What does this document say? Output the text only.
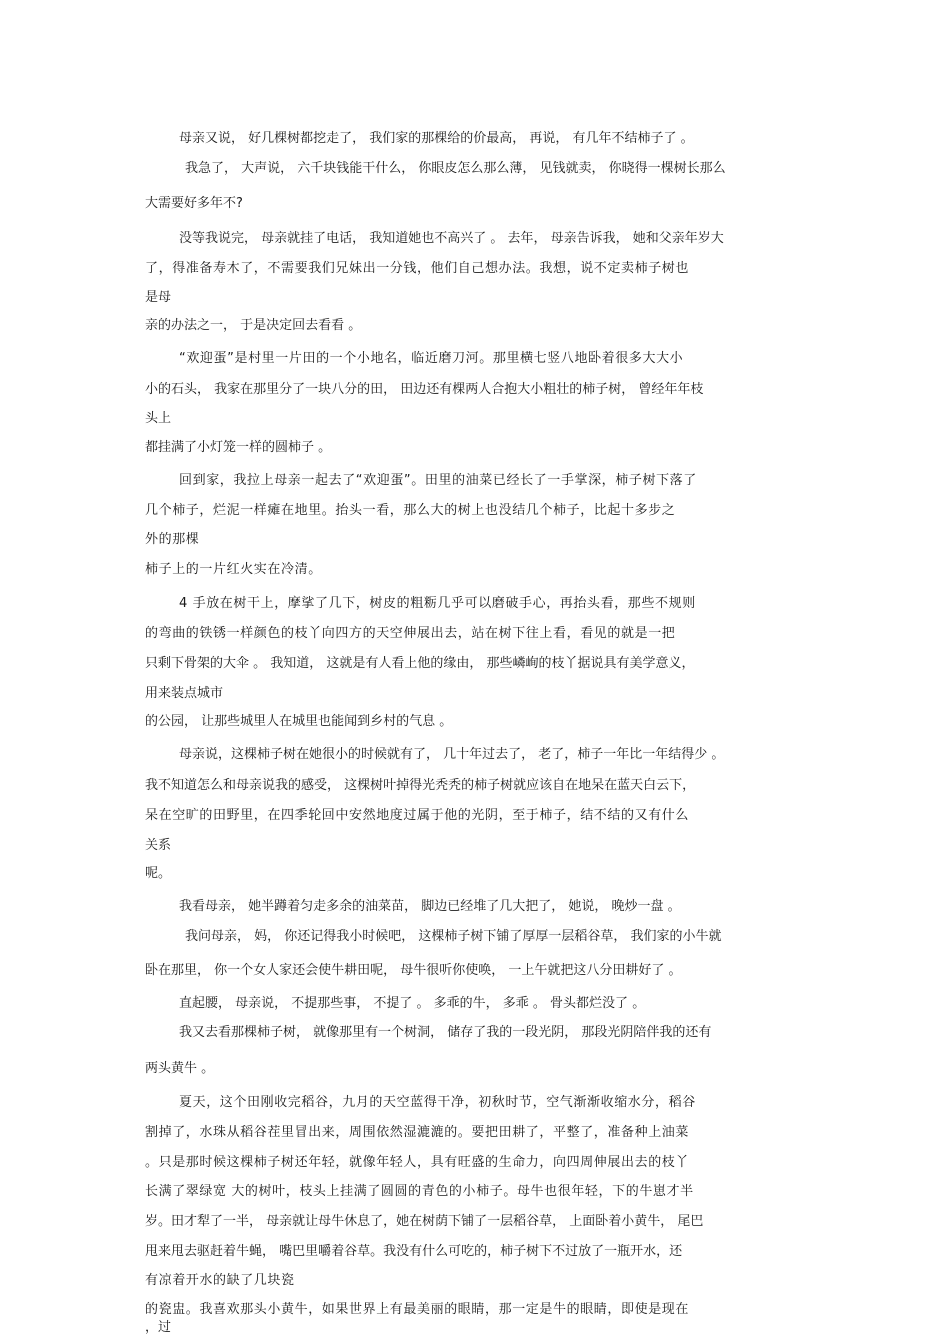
母亲又说， 好几棵树都挖走了， 我们家的那棵给的价最高， 再说， 有几年不结柿子了 。

我急了， 大声说， 六千块钱能干什么， 你眼皮怎么那么薄， 见钱就卖， 你晓得一棵树长那么

大需要好多年不?

没等我说完， 母亲就挂了电话， 我知道她也不高兴了 。 去年， 母亲告诉我， 她和父亲年岁大

了，得准备寿木了，不需要我们兄妹出一分钱，他们自己想办法。我想，说不定卖柿子树也

是母

亲的办法之一， 于是决定回去看看 。

“欢迎蛋”是村里一片田的一个小地名，临近磨刀河。那里横七竖八地卧着很多大大小

小的石头， 我家在那里分了一块八分的田， 田边还有棵两人合抱大小粗壮的柿子树， 曾经年年枝

头上

都挂满了小灯笼一样的圆柿子 。

回到家，我拉上母亲一起去了“欢迎蛋”。田里的油菜已经长了一手掌深，柿子树下落了

几个柿子，烂泥一样瘫在地里。抬头一看，那么大的树上也没结几个柿子，比起十多步之

外的那棵

柿子上的一片红火实在冷清。

4 手放在树干上，摩挲了几下，树皮的粗粝几乎可以磨破手心，再抬头看，那些不规则

的弯曲的铁锈一样颜色的枝丫向四方的天空伸展出去，站在树下往上看，看见的就是一把

只剩下骨架的大伞 。 我知道， 这就是有人看上他的缘由， 那些嶙峋的枝丫据说具有美学意义，

用来装点城市

的公园， 让那些城里人在城里也能闻到乡村的气息 。

母亲说，这棵柿子树在她很小的时候就有了， 几十年过去了， 老了，柿子一年比一年结得少 。

我不知道怎么和母亲说我的感受， 这棵树叶掉得光秃秃的柿子树就应该自在地呆在蓝天白云下，

呆在空旷的田野里，在四季轮回中安然地度过属于他的光阴，至于柿子，结不结的又有什么

关系

呢。

我看母亲， 她半蹲着匀走多余的油菜苗， 脚边已经堆了几大把了， 她说， 晚炒一盘 。

我问母亲， 妈， 你还记得我小时候吧， 这棵柿子树下铺了厚厚一层稻谷草， 我们家的小牛就

卧在那里， 你一个女人家还会使牛耕田呢， 母牛很听你使唤， 一上午就把这八分田耕好了 。

直起腰， 母亲说， 不提那些事， 不提了 。 多乖的牛， 多乖 。 骨头都烂没了 。

我又去看那棵柿子树， 就像那里有一个树洞， 储存了我的一段光阴， 那段光阴陪伴我的还有

两头黄牛 。

夏天，这个田刚收完稻谷，九月的天空蓝得干净，初秋时节，空气渐渐收缩水分，稻谷

割掉了，水珠从稻谷茬里冒出来，周围依然湿漉漉的。要把田耕了，平整了，准备种上油菜

。只是那时候这棵柿子树还年轻，就像年轻人，具有旺盛的生命力，向四周伸展出去的枝丫

长满了翠绿宽 大的树叶，枝头上挂满了圆圆的青色的小柿子。母牛也很年轻，下的牛崽才半

岁。田才犁了一半， 母亲就让母牛休息了，她在树荫下铺了一层稻谷草， 上面卧着小黄牛， 尾巴

甩来甩去驱赶着牛蝇， 嘴巴里嚼着谷草。我没有什么可吃的，柿子树下不过放了一瓶开水，还

有凉着开水的缺了几块瓷

的瓷盅。我喜欢那头小黄牛，如果世界上有最美丽的眼睛，那一定是牛的眼睛，即使是现在

，过
